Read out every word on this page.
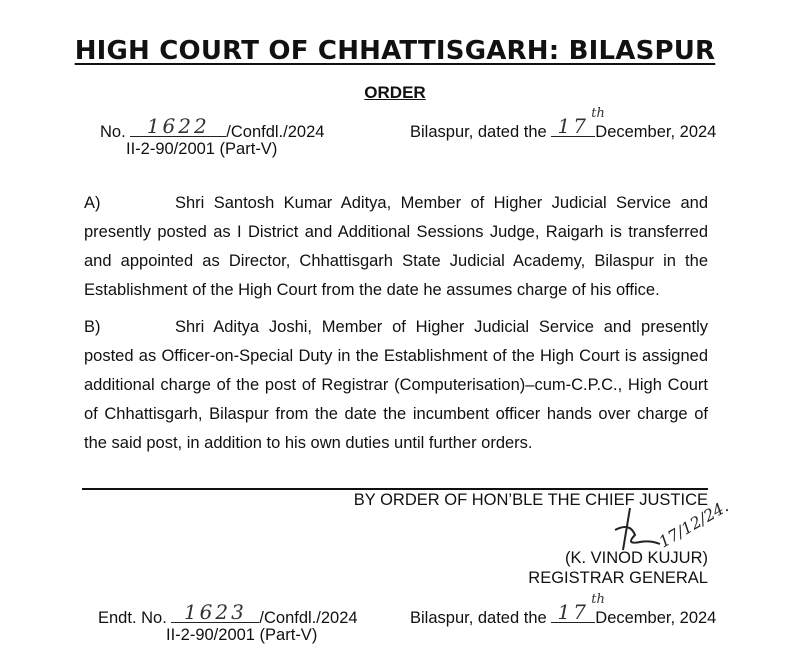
HIGH COURT OF CHHATTISGARH: BILASPUR
ORDER
No.	1622	/Confdl./2024
II-2-90/2001 (Part-V)
Bilaspur, dated the 17
th
December, 2024
A)	Shri Santosh Kumar Aditya, Member of Higher Judicial Service and presently posted as I District and Additional Sessions Judge, Raigarh is transferred and appointed as Director, Chhattisgarh State Judicial Academy, Bilaspur in the Establishment of the High Court from the date he assumes charge of his office.
B)	Shri Aditya Joshi, Member of Higher Judicial Service and presently posted as Officer-on-Special Duty in the Establishment of the High Court is assigned additional charge of the post of Registrar (Computerisation)–cum-C.P.C., High Court of Chhattisgarh, Bilaspur from the date the incumbent officer hands over charge of the said post, in addition to his own duties until further orders.
BY ORDER OF HON’BLE THE CHIEF JUSTICE
17/12/24.
(K. VINOD KUJUR)
REGISTRAR GENERAL
Endt. No. 1623 /Confdl./2024
II-2-90/2001 (Part-V)
Bilaspur, dated the 17
th
December, 2024
